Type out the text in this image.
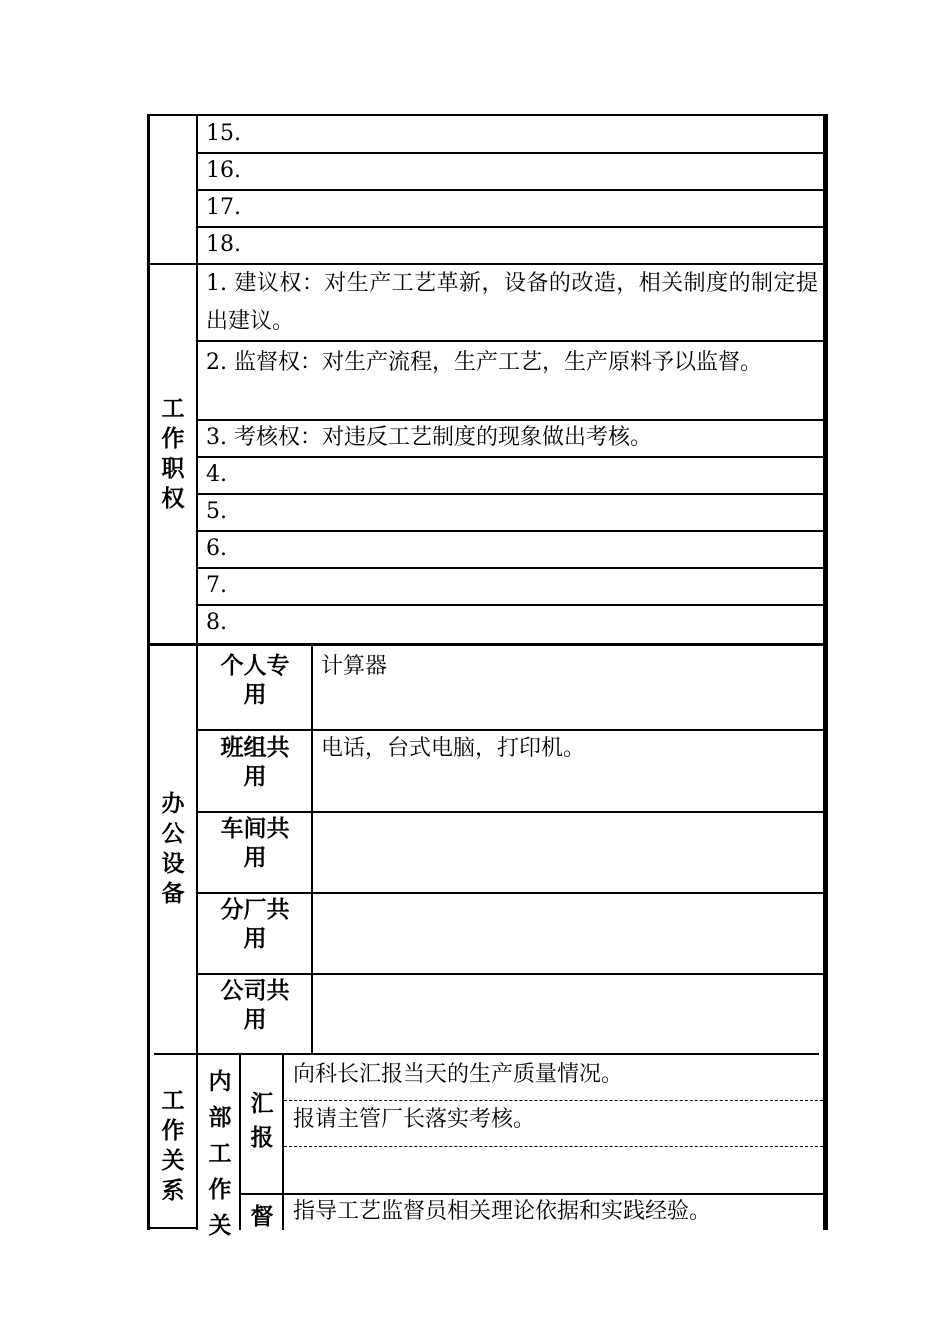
15.
16.
17.
18.
工作职权
1. 建议权：对生产工艺革新，设备的改造，相关制度的制定提出建议。
2. 监督权：对生产流程，生产工艺，生产原料予以监督。
3. 考核权：对违反工艺制度的现象做出考核。
4.
5.
6.
7.
8.
办公设备
个人专用
计算器
班组共用
电话，台式电脑，打印机。
车间共用
分厂共用
公司共用
工作关系
内部工作关
汇报
向科长汇报当天的生产质量情况。
报请主管厂长落实考核。
督 指导工艺监督员相关理论依据和实践经验。
